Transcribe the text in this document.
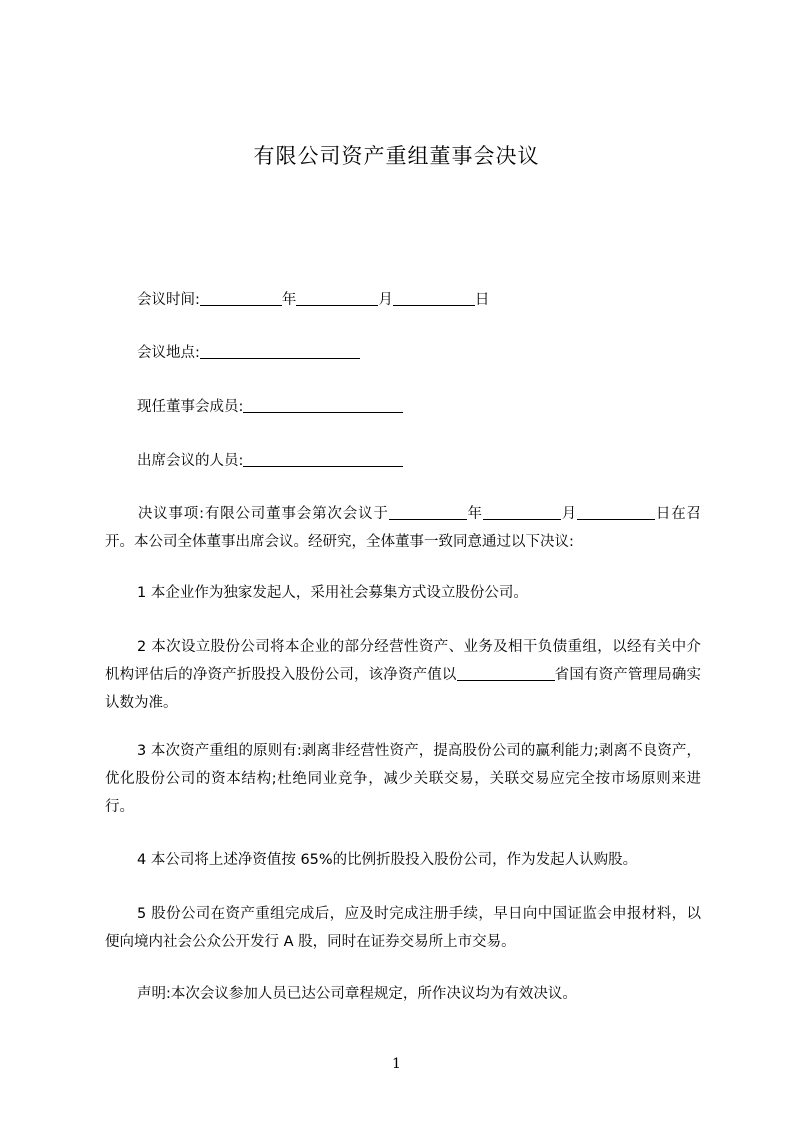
有限公司资产重组董事会决议
会议时间:	年	月	日
会议地点:
现任董事会成员:
出席会议的人员:
决议事项:有限公司董事会第次会议于	年	月	日在召开。本公司全体董事出席会议。经研究，全体董事一致同意通过以下决议:
1 本企业作为独家发起人，采用社会募集方式设立股份公司。
2 本次设立股份公司将本企业的部分经营性资产、业务及相干负债重组，以经有关中介机构评估后的净资产折股投入股份公司，该净资产值以	省国有资产管理局确实认数为准。
3 本次资产重组的原则有:剥离非经营性资产，提高股份公司的赢利能力;剥离不良资产，优化股份公司的资本结构;杜绝同业竞争，减少关联交易，关联交易应完全按市场原则来进行。
4 本公司将上述净资值按 65%的比例折股投入股份公司，作为发起人认购股。
5 股份公司在资产重组完成后，应及时完成注册手续，早日向中国证监会申报材料，以便向境内社会公众公开发行 A 股，同时在证券交易所上市交易。
声明:本次会议参加人员已达公司章程规定，所作决议均为有效决议。
1
